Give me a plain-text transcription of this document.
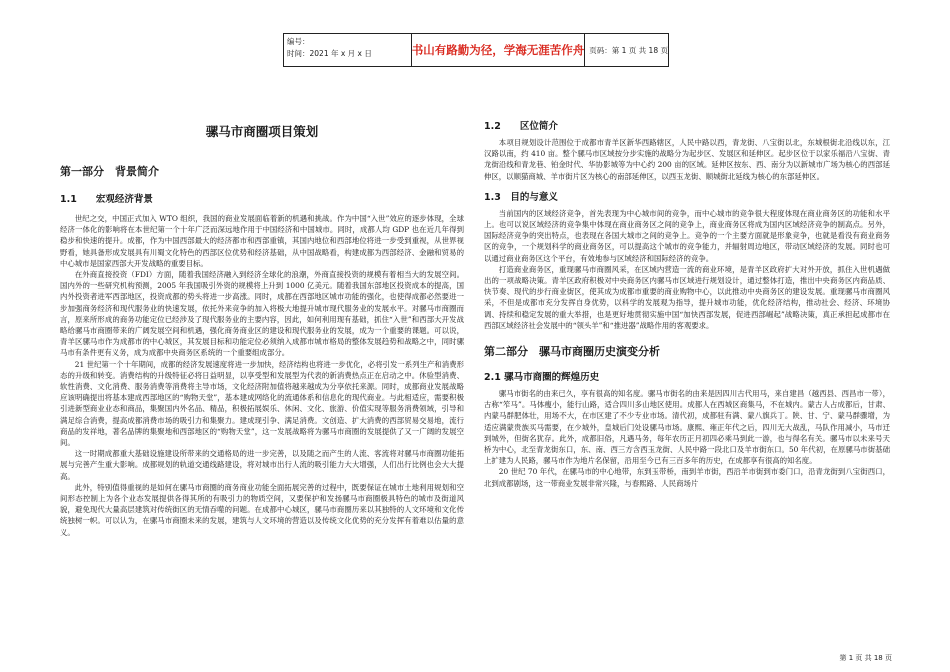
编号：
时间：2021 年 x 月 x 日	书山有路勤为径，学海无涯苦作舟 页码：第 1 页 共 18 页
骡马市商圈项目策划
第一部分　背景简介
1.1　　宏观经济背景

世纪之交，中国正式加入 WTO 组织，我国的商业发展面临着新的机遇和挑战。作为中国“入世”效应的逐步体现，全球经济一体化的影响将在本世纪第一个十年广泛而深远地作用于中国经济和中国城市。同时，成都人均 GDP 也在近几年得到稳步和快速的提升。成都，作为中国西部最大的经济都市和西部重镇，其国内地位和西部地位将进一步受到重视，从世界视野看，她具备形成发展具有川蜀文化特色的西部区位优势和经济基础，从中国战略看，构建成都为西部经济、金融和贸易的中心城市是国家西部大开发战略的重要目标。

在外商直接投资（FDI）方面，随着我国经济融入到经济全球化的浪潮，外商直接投资的规模有着相当大的发展空间。国内外的一些研究机构预测，2005 年我国吸引外资的规模将上升到 1000 亿美元。随着我国东部地区投资成本的提高，国内外投资者进军西部地区，投资成都的势头将进一步高涨。同时，成都在西部地区城市功能的强化，也使得成都必然要进一步加强商务经济和现代服务业的快速发展，依托外来竞争的加入将极大地提升城市现代服务业的发展水平。对骡马市商圈而言，原来所形成的商务功能定位已经涉及了现代服务业的主要内容，因此，如何利用现有基础，抓住“入世”和西部大开发战略给骡马市商圈带来的广阔发展空间和机遇，强化商务商业区的建设和现代服务业的发展，成为一个重要的课题。可以说，青羊区骡马市作为成都市的中心城区，其发展目标和功能定位必须纳入成都市城市格局的整体发展趋势和战略之中，同时骡马市有条件更有义务，成为成都中央商务区系统的一个重要组成部分。

21 世纪第一个十年期间，成都的经济发展速度将进一步加快，经济结构也将进一步优化，必将引发一系列生产和消费形态的升级和转变。消费结构的升级特征必将日益明显，以享受型和发展型为代表的新消费热点正在启动之中。休验型消费、软性消费、文化消费、服务消费等消费将主导市场，文化经济附加值将越来越成为分享依托来源。同时，成都商业发展战略应该明确提出将基本建成西部地区的“购物天堂”，基本建成网络化的流通体系和信息化的现代商业。与此相适应，需要积极引进新型商业业态和商品，集聚国内外名品、精品，积极拓展娱乐、休闲、文化、旅游、价值实现等服务消费领域，引导和满足综合消费，提高成都消费市场的吸引力和集聚力。建成现引争、满足消费。文创造、扩大消费的西部贸易交易地，流行商品的发祥地，著名品牌的集聚地和西部地区的“购物天堂”，这一发展战略将为骡马市商圈的发展提供了又一广阔的发展空间。

这一时期成都重大基础设施建设所带来的交通格局的进一步完善，以及随之而产生的人流、客流将对骡马市商圈功能拓展与完善产生重大影响。成都规划的轨道交通线路建设，将对城市出行人流的吸引能力大大增强，人们出行比例也会大大提高。

此外，特别值得重视的是如何在骡马市商圈的商务商业功能全面拓展完善的过程中，既要保证在城市土地利用规划和空间形态控制上为各个业态发展提供各得其所的有吸引力的物质空间，又要保护和发扬骡马市商圈极具特色的城市及街道风貌，避免现代大量高层建筑对传统街区的无情吞噬的问题。在成都中心城区，骡马市商圈历来以其独特的人文环境和文化传统独树一帜。可以认为，在骡马市商圈未来的发展，建筑与人文环境的营造以及传统文化优势的充分发挥有着难以估量的意义。

1.2　　区位简介

本项目规划设计范围位于成都市青羊区新华西路辖区，人民中路以西，青龙街、八宝街以北，东城根街北沿线以东，江汉路以南，约 410 亩。整个骡马市区域按分步实施的战略分为起步区、发展区和延伸区。起步区位于以家乐福沿八宝街、青龙街沿线和青龙巷、铂金时代、华协影城等为中心约 200 亩的区域。延伸区按东、西、南分为以新城市广场为核心的西部延伸区，以顺猫商城、羊市街片区为核心的南部延伸区，以西玉龙街、顺城街北延线为核心的东部延伸区。

1.3　目的与意义

当前国内的区域经济竞争，首先表现为中心城市间的竞争，而中心城市的竞争很大程度体现在商业商务区的功能和水平上。也可以说区域经济的竞争集中体现在商业商务区之间的竞争上，商业商务区将成为国内区域经济竞争的制高点。另外，国际经济竞争的突出特点，也表现在各国大城市之间的竞争上。竞争的一个主要方面就是形象竞争，也就是看没有商业商务区的竞争，一个规划科学的商业商务区，可以提高这个城市的竞争能力，并辐射周边地区，带动区域经济的发展。同时也可以通过商业商务区这个平台，有效地参与区域经济和国际经济的竞争。

打造商业商务区，重现骡马市商圈风采，在区域内营造一流的商业环境，是青羊区政府扩大对外开放，抓住入世机遇做出的一项战略决策。青羊区政府积极对中央商务区内骡马市区域进行规划设计，通过整体打造，推出中央商务区内商品质、快节奏、现代的步行商业街区，使其成为成都市重要的商业购物中心，以此推动中央商务区的建设发展。重现骡马市商圈风采，不但是成都市充分发挥自身优势，以科学的发展观为指导，提升城市功能，优化经济结构，推动社会、经济、环境协调、持续和稳定发展的重大举措，也是更好地贯彻实施中国“加快西部发展，促进西部崛起”战略决策，真正承担起成都市在西部区域经济社会发展中的“领头羊”和“推进器”战略作用的客观要求。

第二部分　骡马市商圈历史演变分析
2.1 骡马市商圈的辉煌历史

骡马市街名的由来已久，享有很高的知名度。骡马市街名的由来是因四川古代用马，来自建昌（越西县、西昌市一带），古称“笮马”。马体瘦小，能行山路，适合四川多山地区使用。成都人在西城区商集马，不在城内。蒙古人占成都后，甘肃、内蒙马群肥体壮，用场不大，在市区建了不少专业市场。清代初，成都驻有满、蒙八旗兵丁。陕、甘、宁、蒙马群骤增，为适应满蒙贵族买马需要，在少城外，皇城后门处设骡马市场。康熙、雍正年代之后，四川无大战乱，马队作用减小，马市迁到城外，但街名犹存。此外，成都旧俗，凡遇马务，每年农历正月初四必乘马到此一游，也与得名有关。骡马市以未来号天桥为中心，北至青龙街东口，东、南、西三方含西玉龙街、人民中路一段北口及羊市街东口。50 年代初，在原骡马市街基础上扩建为人民路，骡马市作为地片名保留，沿用至今已有三百多年的历史，在成都享有很高的知名度。

20 世纪 70 年代，在骡马市的中心地带，东到玉带桥，南到羊市街，西沿羊市街到市委门口，沿青龙街到八宝街西口，北到成都剧场，这一带商业发展非常兴隆，与春熙路、人民商场片

第 1 页 共 18 页
